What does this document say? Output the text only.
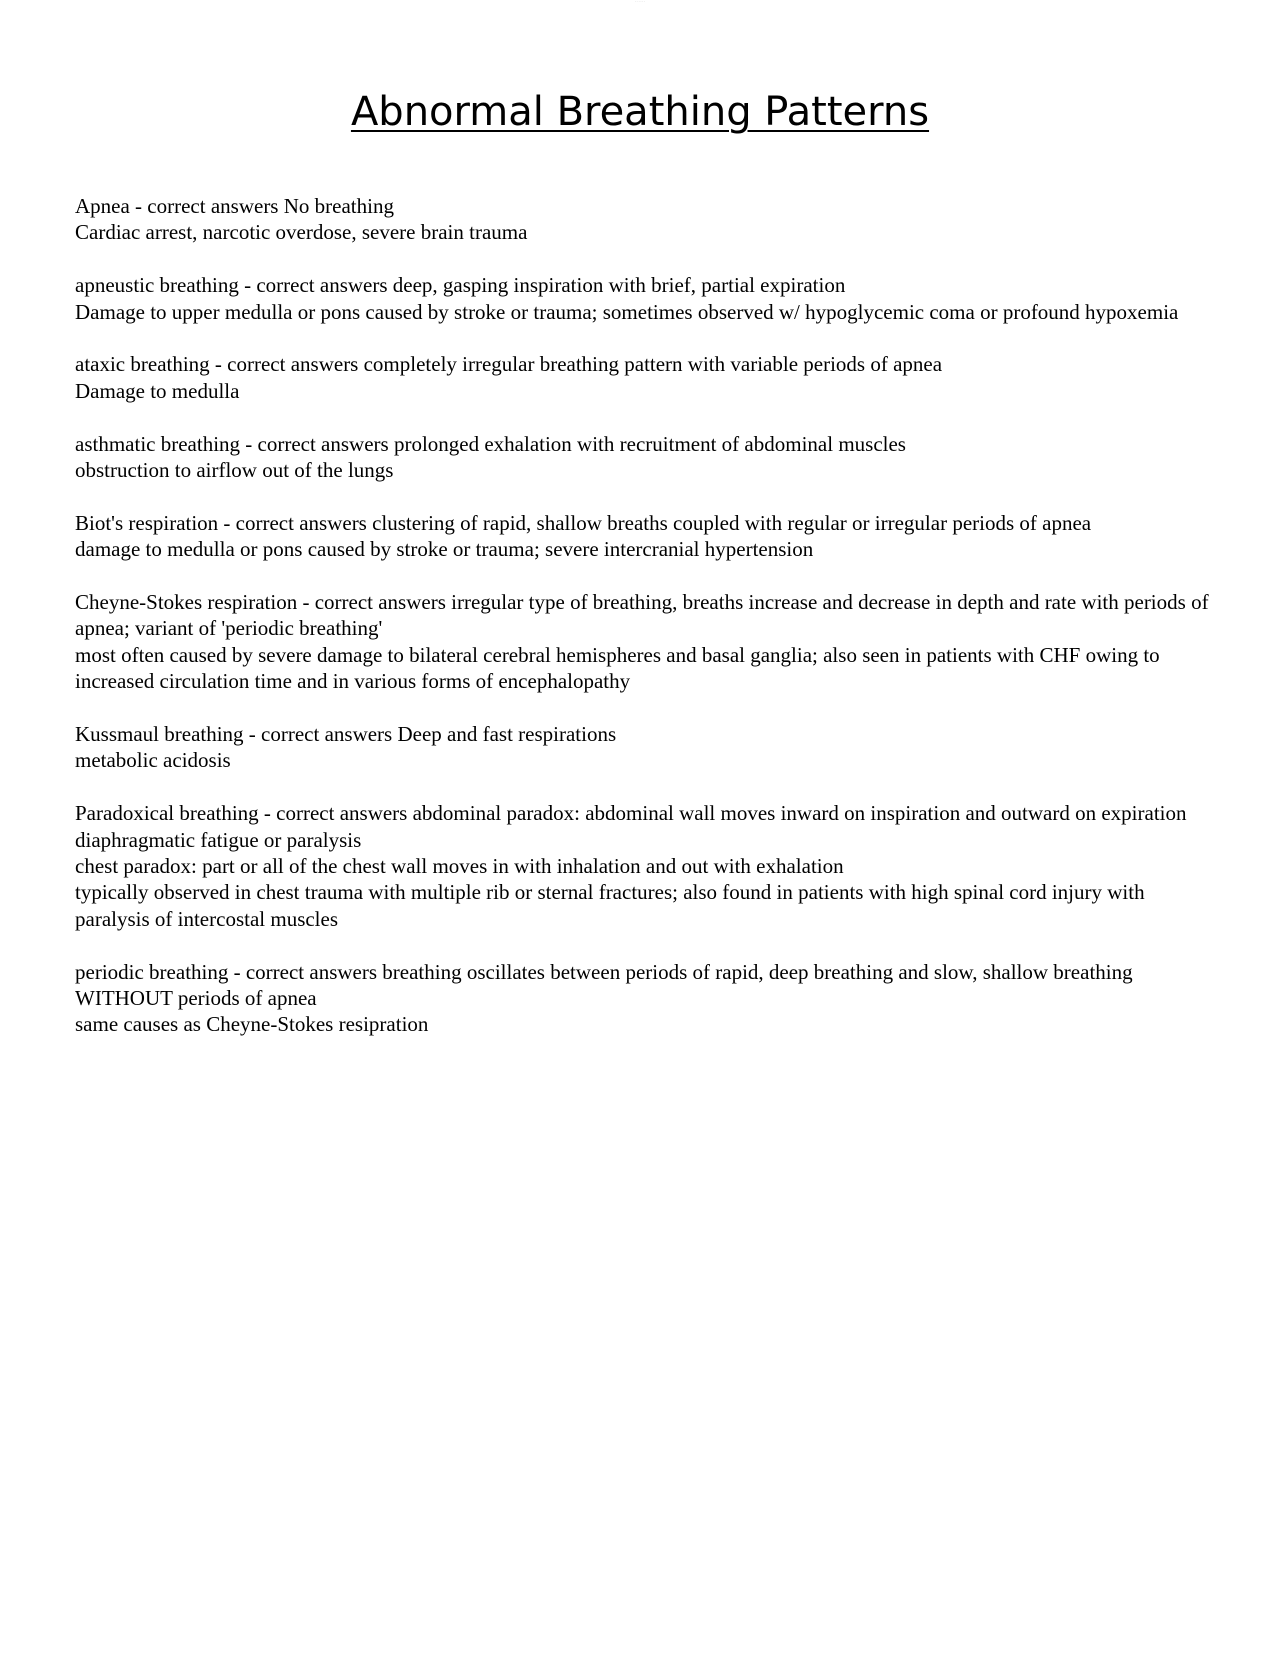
· · · · · ·
Abnormal Breathing Patterns

Apnea - correct answers No breathing

Cardiac arrest, narcotic overdose, severe brain trauma

apneustic breathing - correct answers deep, gasping inspiration with brief, partial expiration

Damage to upper medulla or pons caused by stroke or trauma; sometimes observed w/ hypoglycemic coma or profound hypoxemia

ataxic breathing - correct answers completely irregular breathing pattern with variable periods of apnea

Damage to medulla

asthmatic breathing - correct answers prolonged exhalation with recruitment of abdominal muscles

obstruction to airflow out of the lungs

Biot's respiration - correct answers clustering of rapid, shallow breaths coupled with regular or irregular periods of apnea

damage to medulla or pons caused by stroke or trauma; severe intercranial hypertension

Cheyne-Stokes respiration - correct answers irregular type of breathing, breaths increase and decrease in depth and rate with periods of apnea; variant of 'periodic breathing'

most often caused by severe damage to bilateral cerebral hemispheres and basal ganglia; also seen in patients with CHF owing to increased circulation time and in various forms of encephalopathy

Kussmaul breathing - correct answers Deep and fast respirations

metabolic acidosis

Paradoxical breathing - correct answers abdominal paradox: abdominal wall moves inward on inspiration and outward on expiration

diaphragmatic fatigue or paralysis

chest paradox: part or all of the chest wall moves in with inhalation and out with exhalation

typically observed in chest trauma with multiple rib or sternal fractures; also found in patients with high spinal cord injury with paralysis of intercostal muscles

periodic breathing - correct answers breathing oscillates between periods of rapid, deep breathing and slow, shallow breathing WITHOUT periods of apnea

same causes as Cheyne-Stokes resipration
